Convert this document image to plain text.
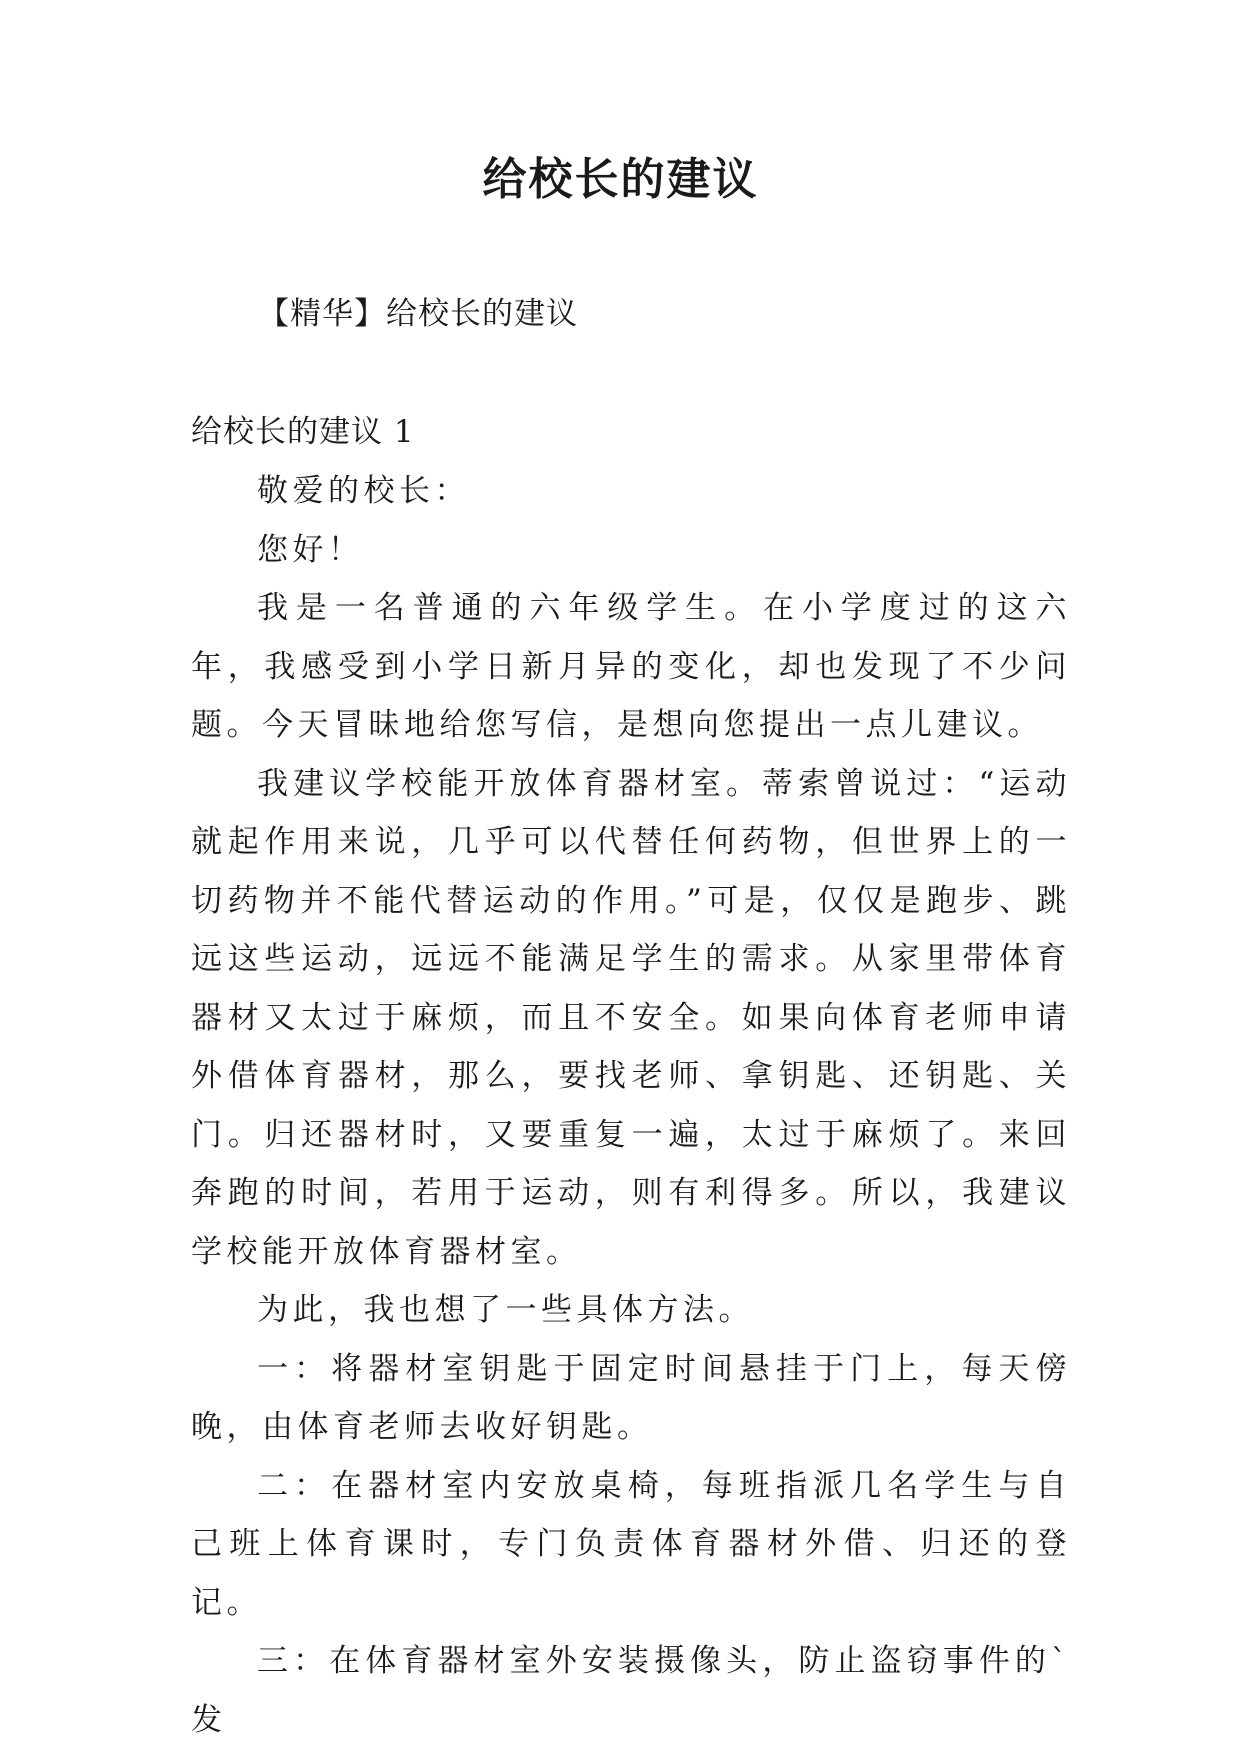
给校长的建议
【精华】给校长的建议
给校长的建议 1

敬爱的校长：

您好！

我是一名普通的六年级学生。在小学度过的这六年，我感受到小学日新月异的变化，却也发现了不少问题。今天冒昧地给您写信，是想向您提出一点儿建议。

我建议学校能开放体育器材室。蒂索曾说过：“运动就起作用来说，几乎可以代替任何药物，但世界上的一切药物并不能代替运动的作用。”可是，仅仅是跑步、跳远这些运动，远远不能满足学生的需求。从家里带体育器材又太过于麻烦，而且不安全。如果向体育老师申请外借体育器材，那么，要找老师、拿钥匙、还钥匙、关门。归还器材时，又要重复一遍，太过于麻烦了。来回奔跑的时间，若用于运动，则有利得多。所以，我建议学校能开放体育器材室。

为此，我也想了一些具体方法。

一：将器材室钥匙于固定时间悬挂于门上，每天傍晚，由体育老师去收好钥匙。

二：在器材室内安放桌椅，每班指派几名学生与自己班上体育课时，专门负责体育器材外借、归还的登记。

三：在体育器材室外安装摄像头，防止盗窃事件的`发
